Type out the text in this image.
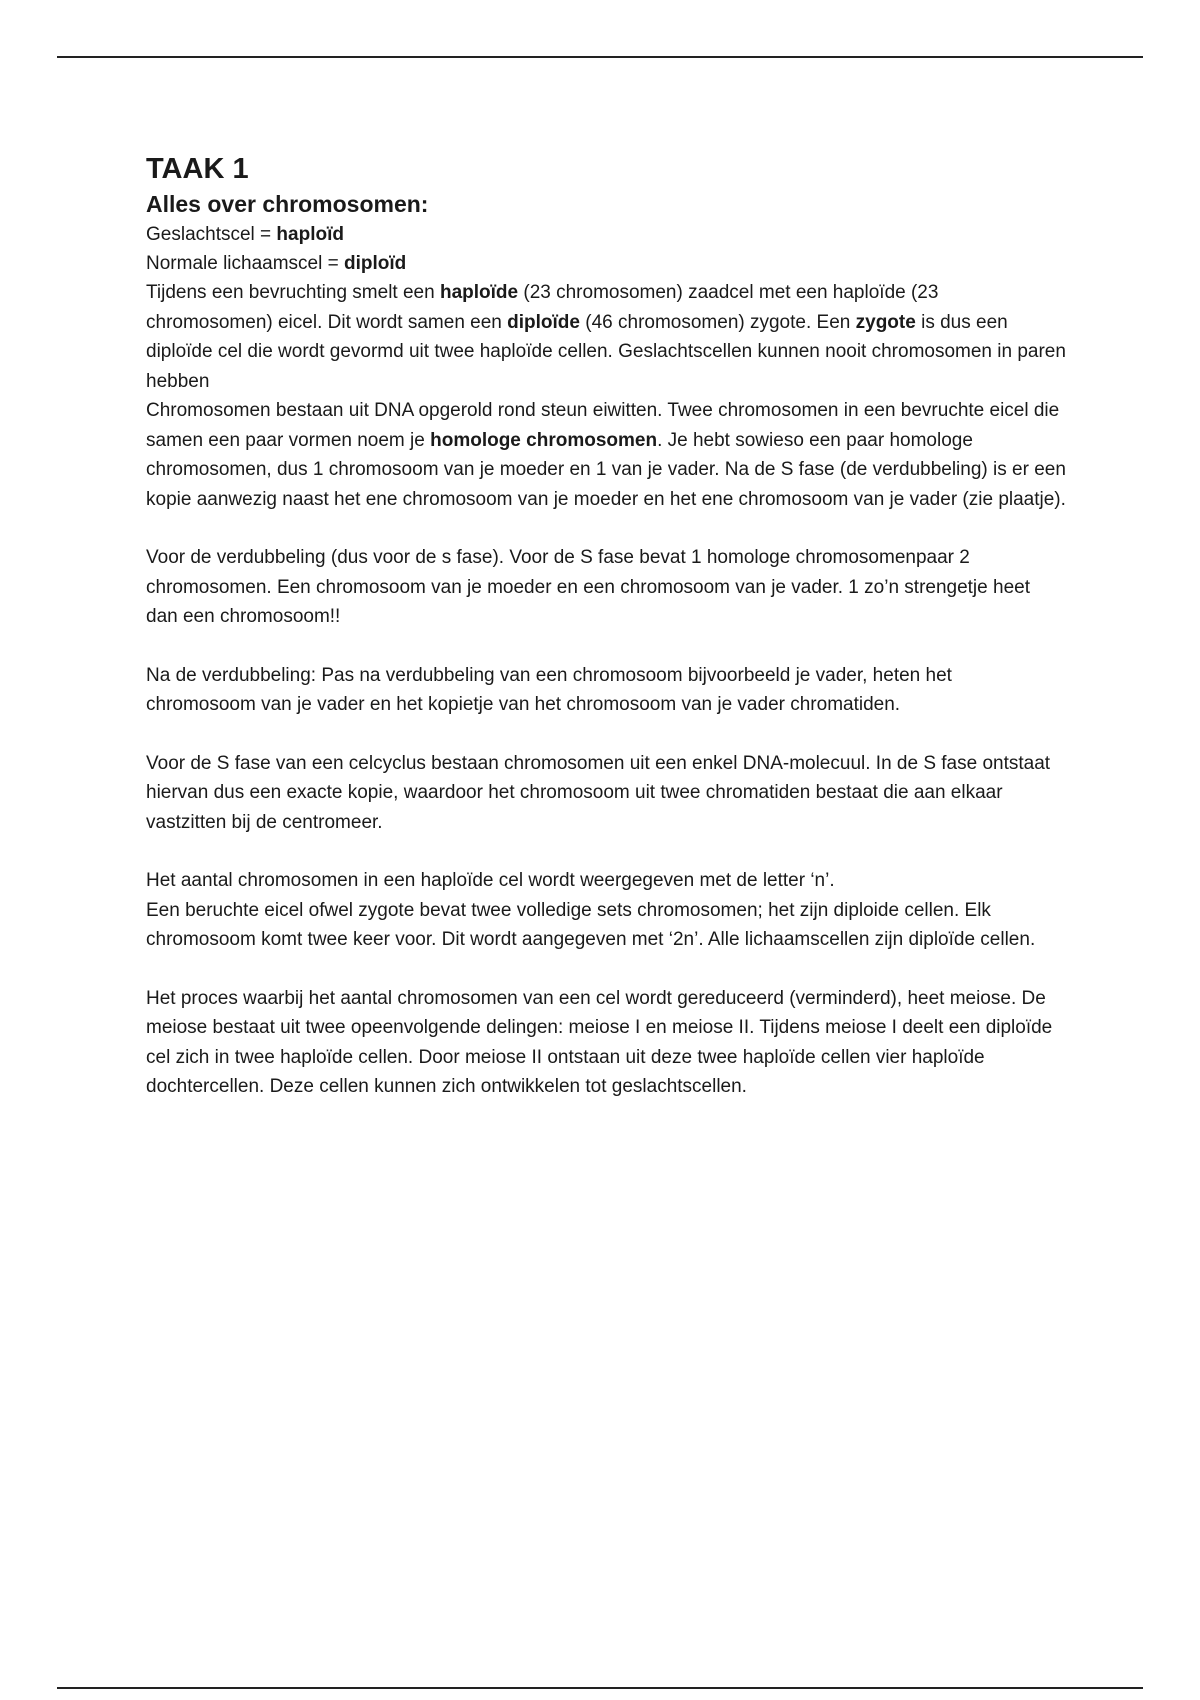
TAAK 1
Alles over chromosomen:

Geslachtscel = haploïd

Normale lichaamscel = diploïd

Tijdens een bevruchting smelt een haploïde (23 chromosomen) zaadcel met een haploïde (23 chromosomen) eicel. Dit wordt samen een diploïde (46 chromosomen) zygote. Een zygote is dus een diploïde cel die wordt gevormd uit twee haploïde cellen. Geslachtscellen kunnen nooit chromosomen in paren hebben

Chromosomen bestaan uit DNA opgerold rond steun eiwitten. Twee chromosomen in een bevruchte eicel die samen een paar vormen noem je homologe chromosomen. Je hebt sowieso een paar homologe chromosomen, dus 1 chromosoom van je moeder en 1 van je vader. Na de S fase (de verdubbeling) is er een kopie aanwezig naast het ene chromosoom van je moeder en het ene chromosoom van je vader (zie plaatje).

Voor de verdubbeling (dus voor de s fase). Voor de S fase bevat 1 homologe chromosomenpaar 2 chromosomen. Een chromosoom van je moeder en een chromosoom van je vader. 1 zo’n strengetje heet dan een chromosoom!!

Na de verdubbeling: Pas na verdubbeling van een chromosoom bijvoorbeeld je vader, heten het chromosoom van je vader en het kopietje van het chromosoom van je vader chromatiden.

Voor de S fase van een celcyclus bestaan chromosomen uit een enkel DNA-molecuul. In de S fase ontstaat hiervan dus een exacte kopie, waardoor het chromosoom uit twee chromatiden bestaat die aan elkaar vastzitten bij de centromeer.

Het aantal chromosomen in een haploïde cel wordt weergegeven met de letter ‘n’.

Een beruchte eicel ofwel zygote bevat twee volledige sets chromosomen; het zijn diploide cellen. Elk chromosoom komt twee keer voor. Dit wordt aangegeven met ‘2n’. Alle lichaamscellen zijn diploïde cellen.

Het proces waarbij het aantal chromosomen van een cel wordt gereduceerd (verminderd), heet meiose. De meiose bestaat uit twee opeenvolgende delingen: meiose I en meiose II. Tijdens meiose I deelt een diploïde cel zich in twee haploïde cellen. Door meiose II ontstaan uit deze twee haploïde cellen vier haploïde dochtercellen. Deze cellen kunnen zich ontwikkelen tot geslachtscellen.
